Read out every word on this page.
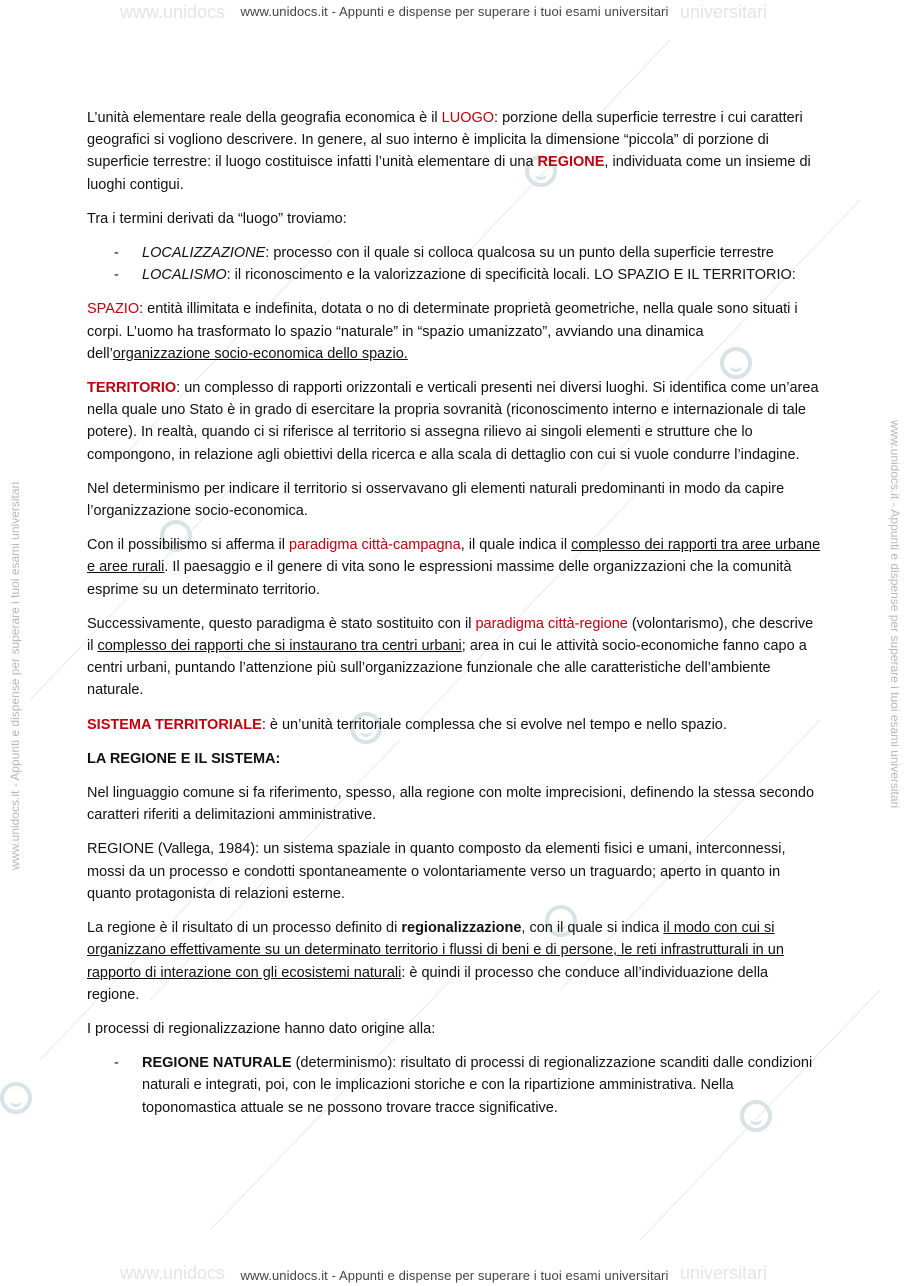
www.unidocs	universitari
www.unidocs	universitari
www.unidocs.it - Appunti e dispense per superare i tuoi esami universitari
www.unidocs.it - Appunti e dispense per superare i tuoi esami universitari
www.unidocs.it - Appunti e dispense per superare i tuoi esami universitari	www.unidocs.it - Appunti e dispense per superare i tuoi esami universitari

L’unità elementare reale della geografia economica è il LUOGO: porzione della superficie terrestre i cui caratteri geografici si vogliono descrivere. In genere, al suo interno è implicita la dimensione “piccola” di porzione di superficie terrestre: il luogo costituisce infatti l’unità elementare di una REGIONE, individuata come un insieme di luoghi contigui.

Tra i termini derivati da “luogo” troviamo:

- LOCALIZZAZIONE: processo con il quale si colloca qualcosa su un punto della superficie terrestre
- LOCALISMO: il riconoscimento e la valorizzazione di specificità locali. LO SPAZIO E IL TERRITORIO:

SPAZIO: entità illimitata e indefinita, dotata o no di determinate proprietà geometriche, nella quale sono situati i corpi. L’uomo ha trasformato lo spazio “naturale” in “spazio umanizzato”, avviando una dinamica dell’organizzazione socio-economica dello spazio.

TERRITORIO: un complesso di rapporti orizzontali e verticali presenti nei diversi luoghi. Si identifica come un’area nella quale uno Stato è in grado di esercitare la propria sovranità (riconoscimento interno e internazionale di tale potere). In realtà, quando ci si riferisce al territorio si assegna rilievo ai singoli elementi e strutture che lo compongono, in relazione agli obiettivi della ricerca e alla scala di dettaglio con cui si vuole condurre l’indagine.

Nel determinismo per indicare il territorio si osservavano gli elementi naturali predominanti in modo da capire l’organizzazione socio-economica.

Con il possibilismo si afferma il paradigma città-campagna, il quale indica il complesso dei rapporti tra aree urbane e aree rurali. Il paesaggio e il genere di vita sono le espressioni massime delle organizzazioni che la comunità esprime su un determinato territorio.

Successivamente, questo paradigma è stato sostituito con il paradigma città-regione (volontarismo), che descrive il complesso dei rapporti che si instaurano tra centri urbani; area in cui le attività socio-economiche fanno capo a centri urbani, puntando l’attenzione più sull’organizzazione funzionale che alle caratteristiche dell’ambiente naturale.

SISTEMA TERRITORIALE: è un’unità territoriale complessa che si evolve nel tempo e nello spazio.

LA REGIONE E IL SISTEMA:

Nel linguaggio comune si fa riferimento, spesso, alla regione con molte imprecisioni, definendo la stessa secondo caratteri riferiti a delimitazioni amministrative.

REGIONE (Vallega, 1984): un sistema spaziale in quanto composto da elementi fisici e umani, interconnessi, mossi da un processo e condotti spontaneamente o volontariamente verso un traguardo; aperto in quanto in quanto protagonista di relazioni esterne.

La regione è il risultato di un processo definito di regionalizzazione, con il quale si indica il modo con cui si organizzano effettivamente su un determinato territorio i flussi di beni e di persone, le reti infrastrutturali in un rapporto di interazione con gli ecosistemi naturali: è quindi il processo che conduce all’individuazione della regione.

I processi di regionalizzazione hanno dato origine alla:

- REGIONE NATURALE (determinismo): risultato di processi di regionalizzazione scanditi dalle condizioni naturali e integrati, poi, con le implicazioni storiche e con la ripartizione amministrativa. Nella toponomastica attuale se ne possono trovare tracce significative.
